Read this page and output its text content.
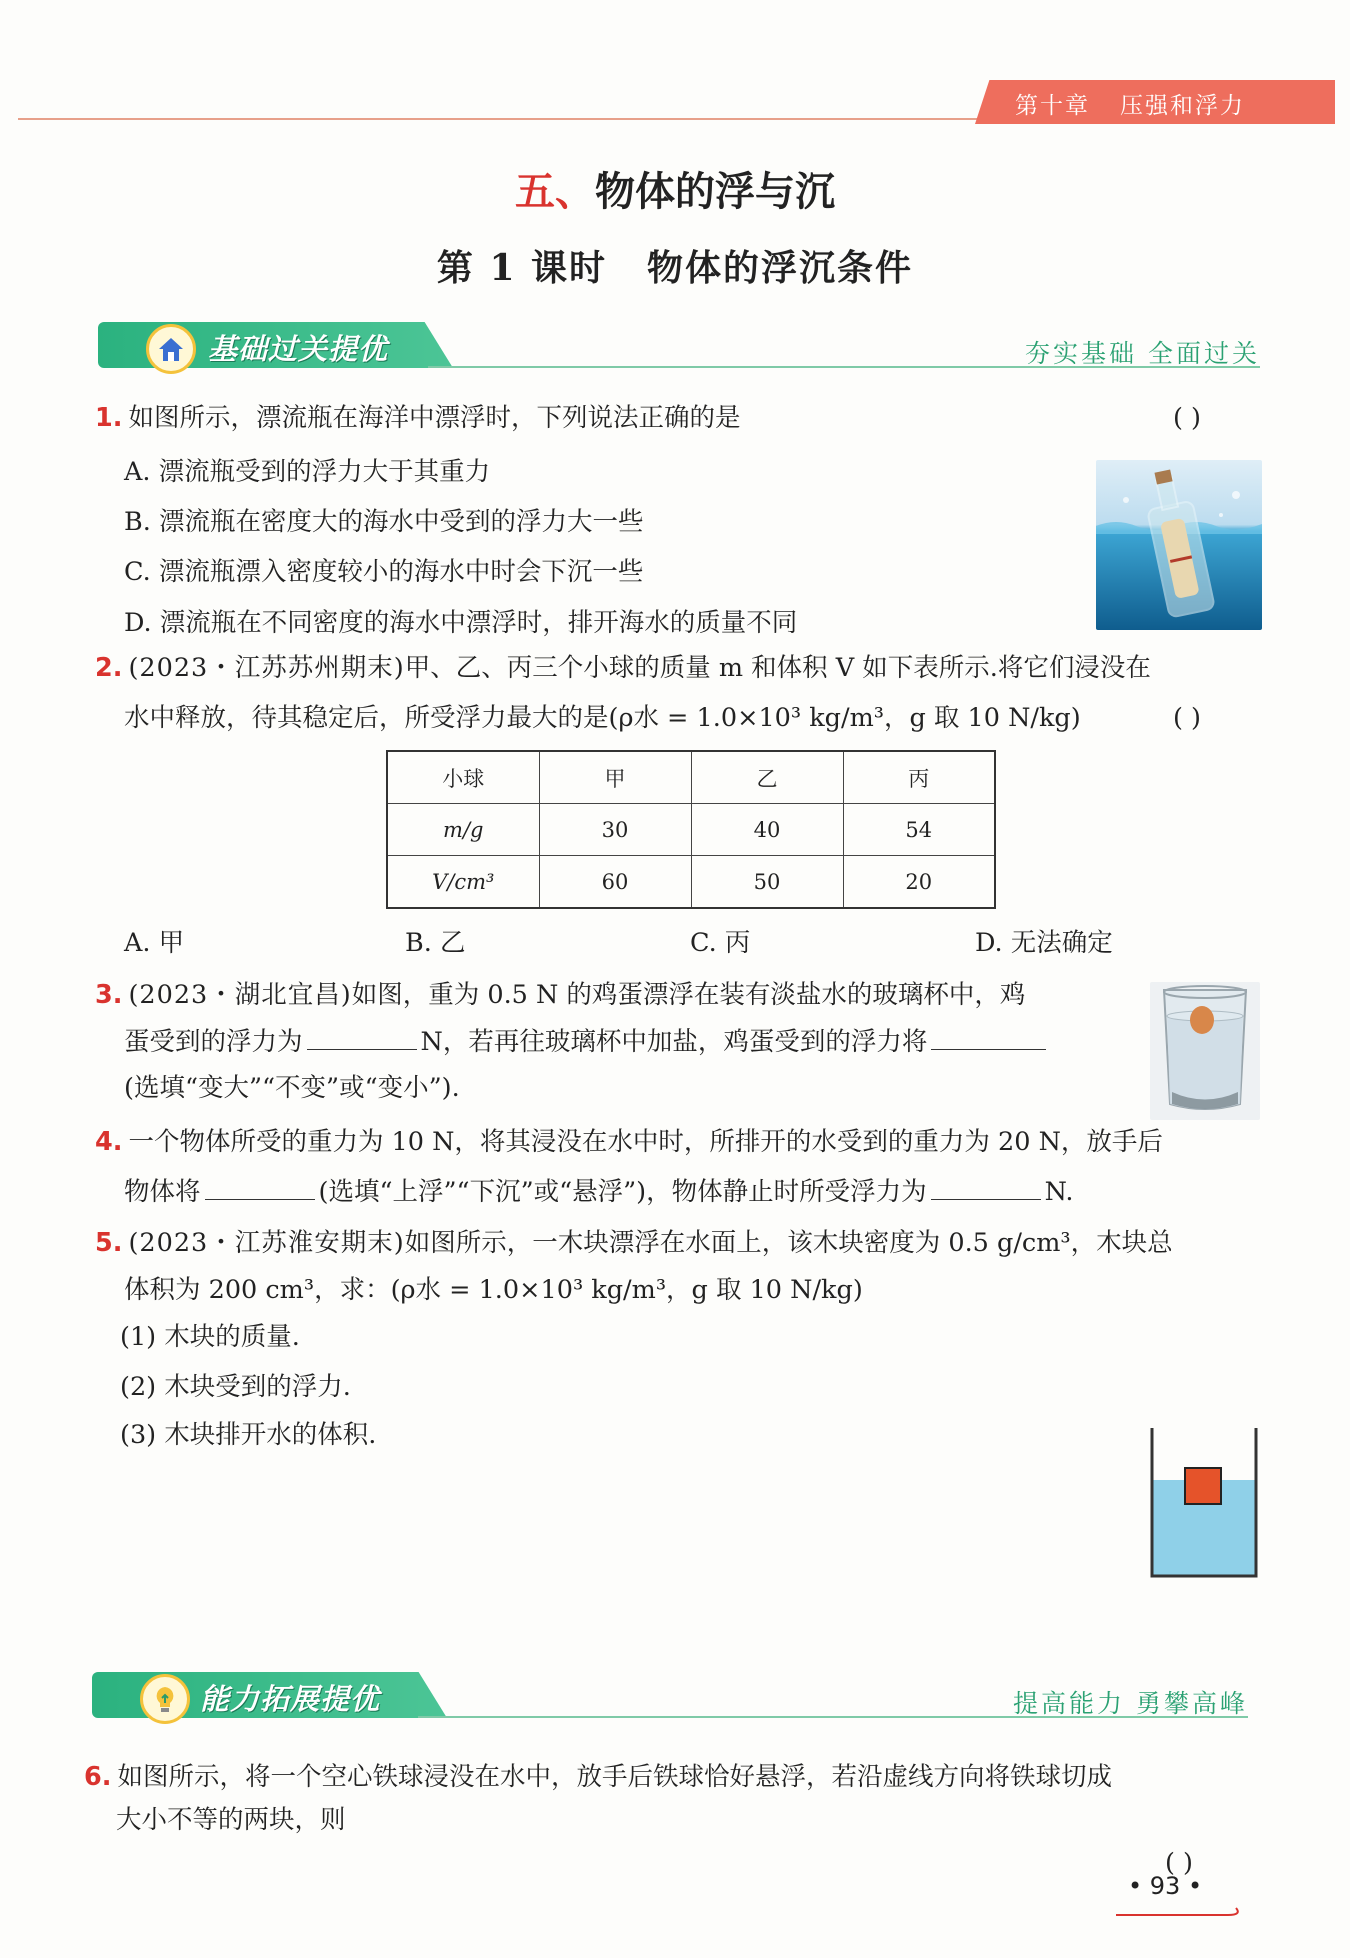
第十章 压强和浮力
五、物体的浮与沉
第 1 课时 物体的浮沉条件
基础过关提优	夯实基础 全面过关
1. 如图所示，漂流瓶在海洋中漂浮时，下列说法正确的是	( )
A. 漂流瓶受到的浮力大于其重力
B. 漂流瓶在密度大的海水中受到的浮力大一些
C. 漂流瓶漂入密度较小的海水中时会下沉一些
D. 漂流瓶在不同密度的海水中漂浮时，排开海水的质量不同
2. (2023・江苏苏州期末)甲、乙、丙三个小球的质量 m 和体积 V 如下表所示.将它们浸没在
水中释放，待其稳定后，所受浮力最大的是(ρ水 = 1.0×10³ kg/m³，g 取 10 N/kg)	( )
小球	甲	乙	丙
m/g	30	40	54
V/cm³	60	50	20
A. 甲	B. 乙	C. 丙	D. 无法确定
3. (2023・湖北宜昌)如图，重为 0.5 N 的鸡蛋漂浮在装有淡盐水的玻璃杯中，鸡
蛋受到的浮力为	N，若再往玻璃杯中加盐，鸡蛋受到的浮力将
(选填“变大”“不变”或“变小”).
4. 一个物体所受的重力为 10 N，将其浸没在水中时，所排开的水受到的重力为 20 N，放手后
物体将	(选填“上浮”“下沉”或“悬浮”)，物体静止时所受浮力为	N.
5. (2023・江苏淮安期末)如图所示，一木块漂浮在水面上，该木块密度为 0.5 g/cm³，木块总
体积为 200 cm³，求：(ρ水 = 1.0×10³ kg/m³，g 取 10 N/kg)
(1) 木块的质量.
(2) 木块受到的浮力.
(3) 木块排开水的体积.
能力拓展提优	提高能力 勇攀高峰
6. 如图所示，将一个空心铁球浸没在水中，放手后铁球恰好悬浮，若沿虚线方向将铁球切成
大小不等的两块，则
( )
• 93 •
